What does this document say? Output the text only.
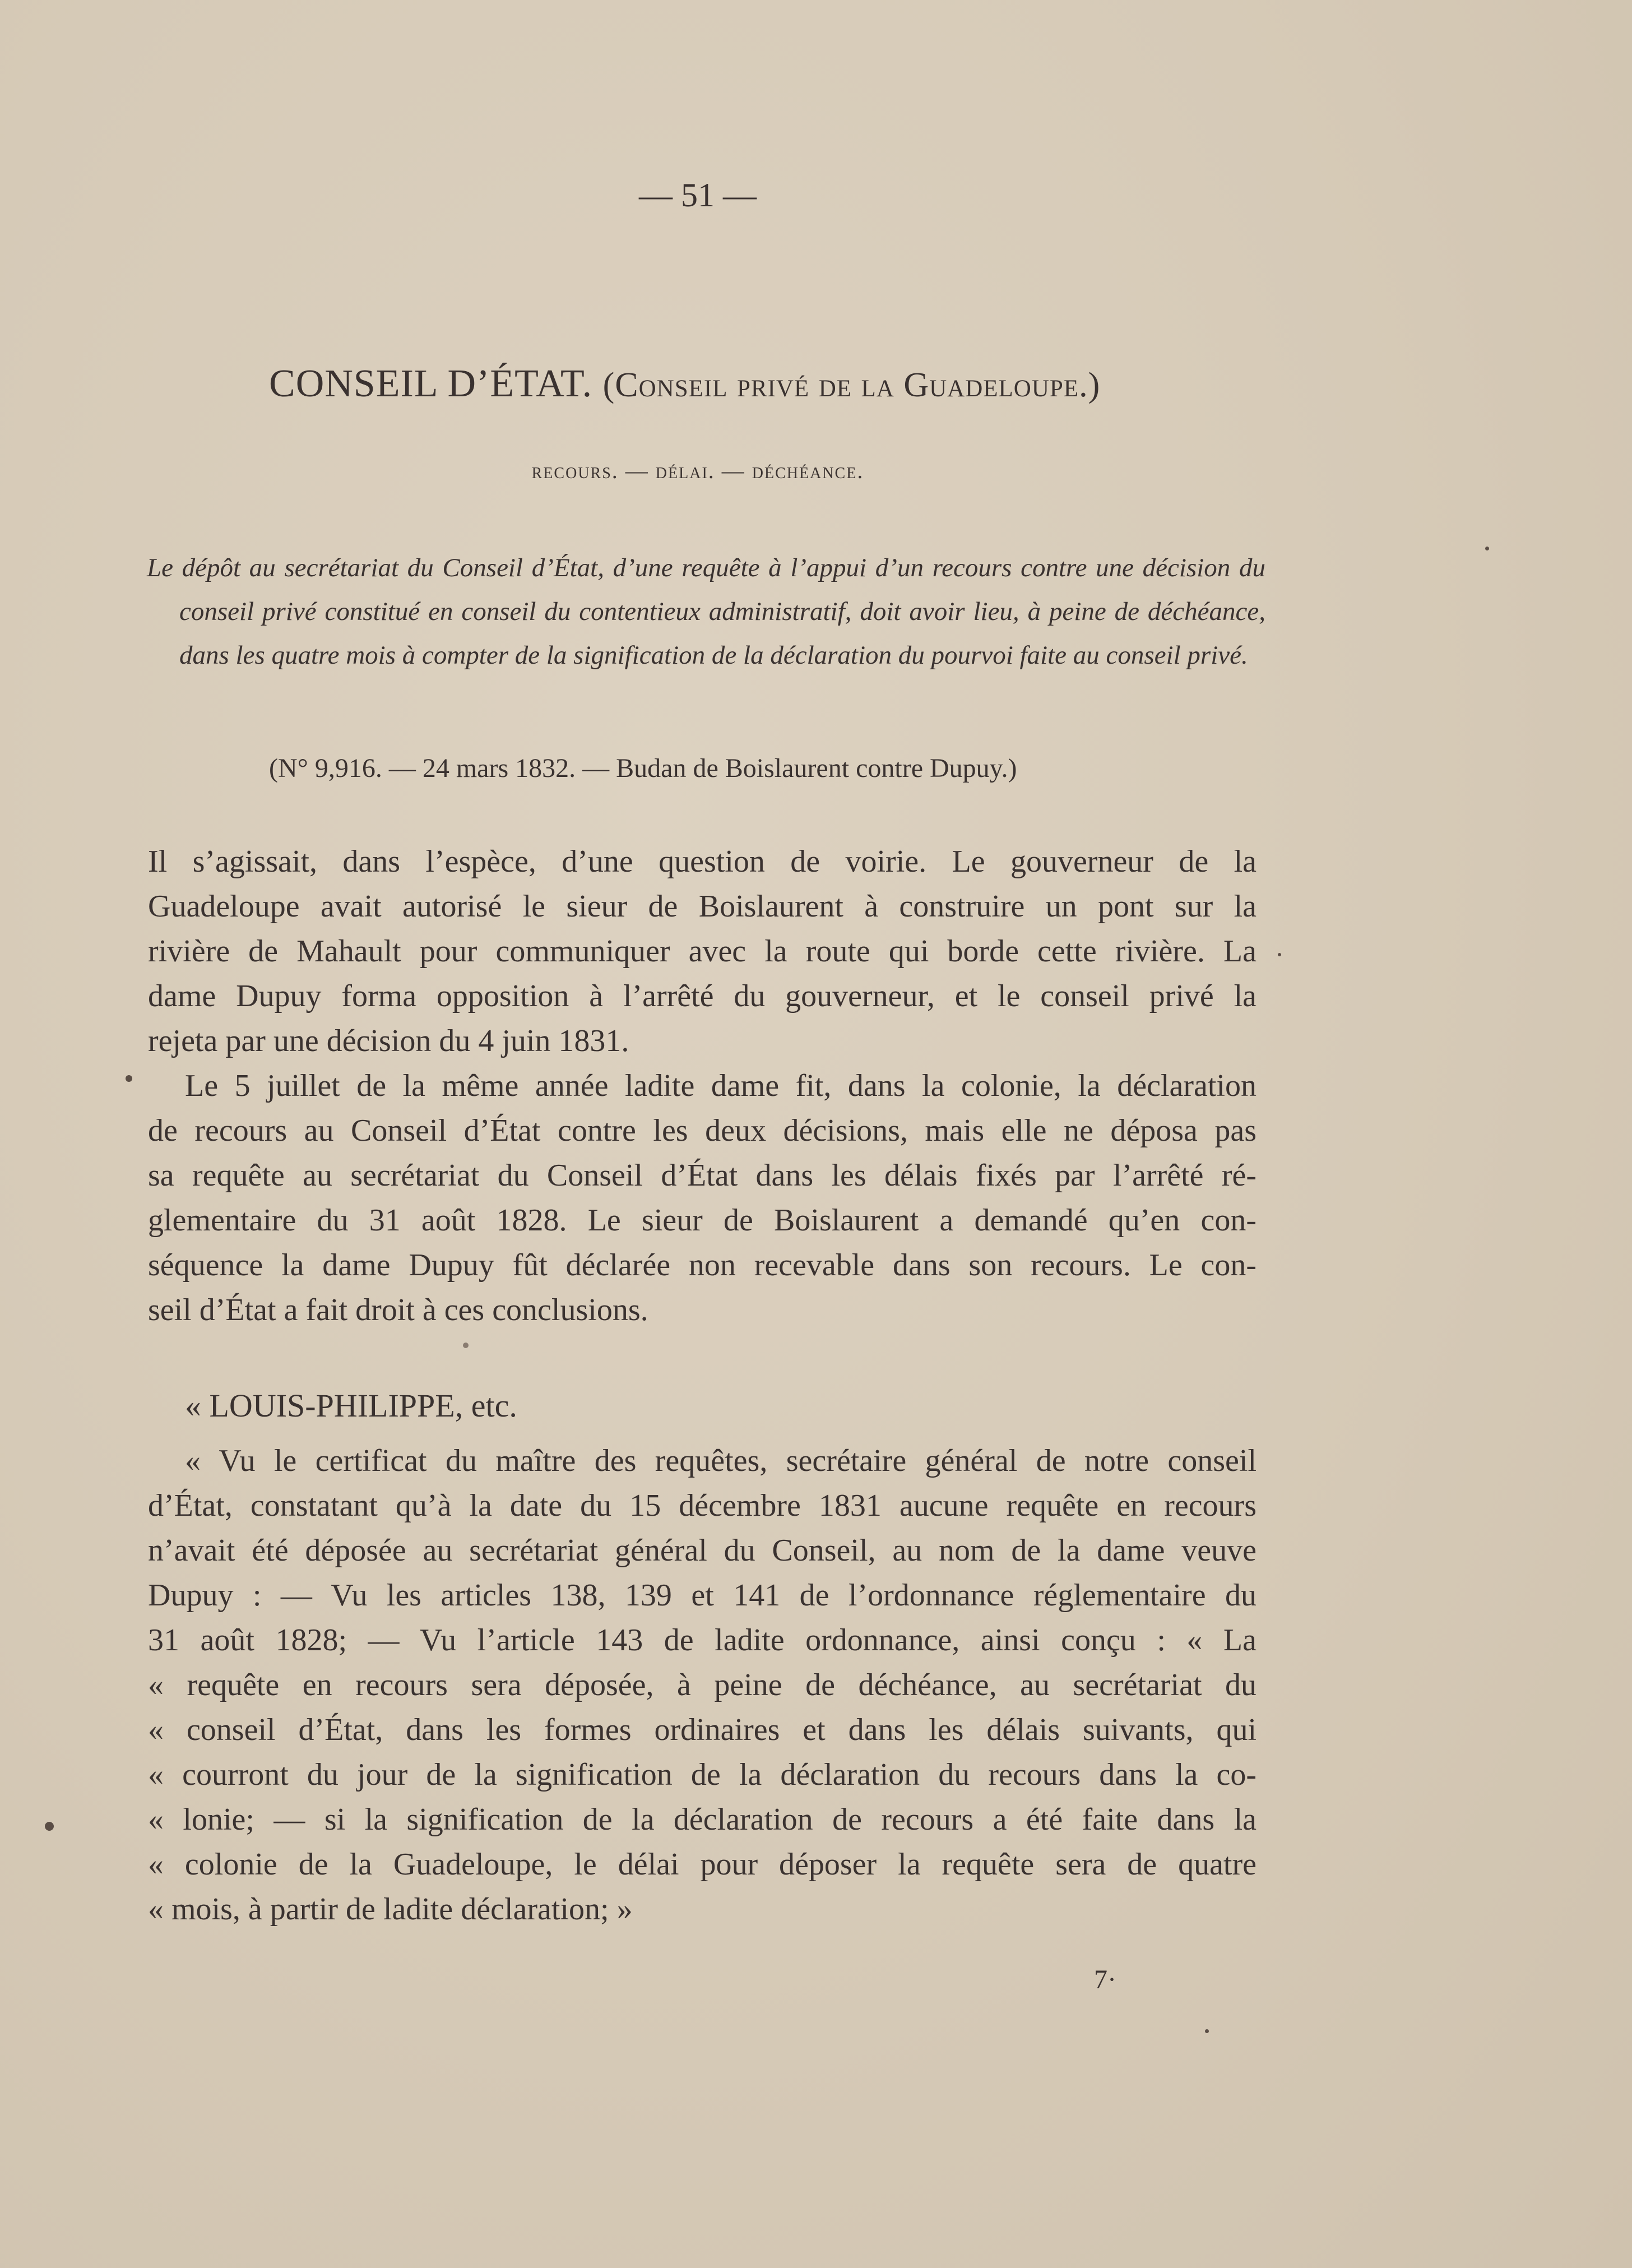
— 51 —

CONSEIL D’ÉTAT. (Conseil privé de la Guadeloupe.)

recours. — délai. — déchéance.

Le dépôt au secrétariat du Conseil d’État, d’une requête à l’appui d’un recours contre une décision du conseil privé constitué en conseil du contentieux administratif, doit avoir lieu, à peine de déchéance, dans les quatre mois à compter de la signification de la déclaration du pourvoi faite au conseil privé.

(N° 9,916. — 24 mars 1832. — Budan de Boislaurent contre Dupuy.)

Il s’agissait, dans l’espèce, d’une question de voirie. Le gouverneur de la

Guadeloupe avait autorisé le sieur de Boislaurent à construire un pont sur la

rivière de Mahault pour communiquer avec la route qui borde cette rivière. La

dame Dupuy forma opposition à l’arrêté du gouverneur, et le conseil privé la

rejeta par une décision du 4 juin 1831.

Le 5 juillet de la même année ladite dame fit, dans la colonie, la déclaration

de recours au Conseil d’État contre les deux décisions, mais elle ne déposa pas

sa requête au secrétariat du Conseil d’État dans les délais fixés par l’arrêté ré-

glementaire du 31 août 1828. Le sieur de Boislaurent a demandé qu’en con-

séquence la dame Dupuy fût déclarée non recevable dans son recours. Le con-

seil d’État a fait droit à ces conclusions.

« LOUIS-PHILIPPE, etc.

« Vu le certificat du maître des requêtes, secrétaire général de notre conseil

d’État, constatant qu’à la date du 15 décembre 1831 aucune requête en recours

n’avait été déposée au secrétariat général du Conseil, au nom de la dame veuve

Dupuy : — Vu les articles 138, 139 et 141 de l’ordonnance réglementaire du

31 août 1828; — Vu l’article 143 de ladite ordonnance, ainsi conçu : « La

« requête en recours sera déposée, à peine de déchéance, au secrétariat du

« conseil d’État, dans les formes ordinaires et dans les délais suivants, qui

« courront du jour de la signification de la déclaration du recours dans la co-

« lonie; — si la signification de la déclaration de recours a été faite dans la

« colonie de la Guadeloupe, le délai pour déposer la requête sera de quatre

« mois, à partir de ladite déclaration; »

7·
